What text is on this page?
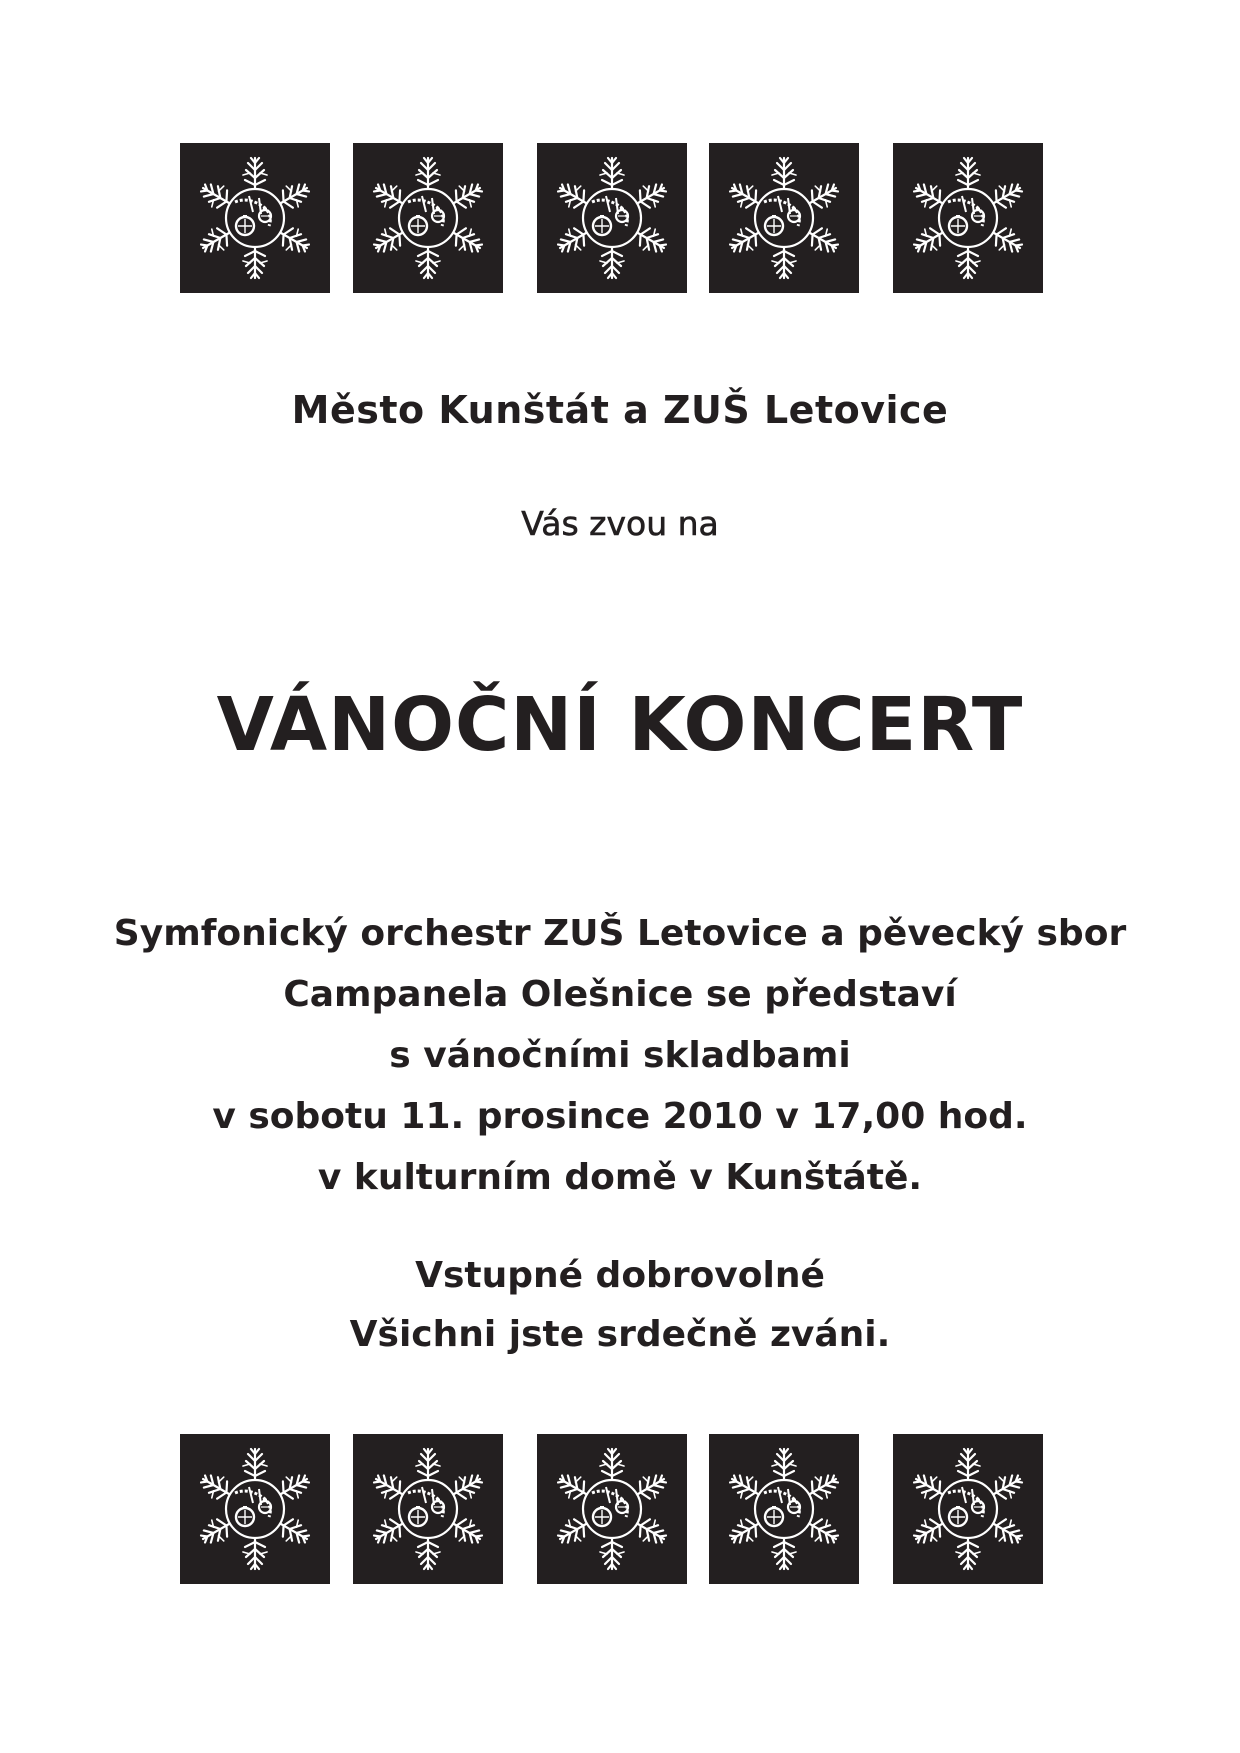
Město Kunštát a ZUŠ Letovice
Vás zvou na
VÁNOČNÍ KONCERT
Symfonický orchestr ZUŠ Letovice a pěvecký sbor
Campanela Olešnice se představí
s vánočními skladbami
v sobotu 11. prosince 2010 v 17,00 hod.
v kulturním domě v Kunštátě.
Vstupné dobrovolné
Všichni jste srdečně zváni.
